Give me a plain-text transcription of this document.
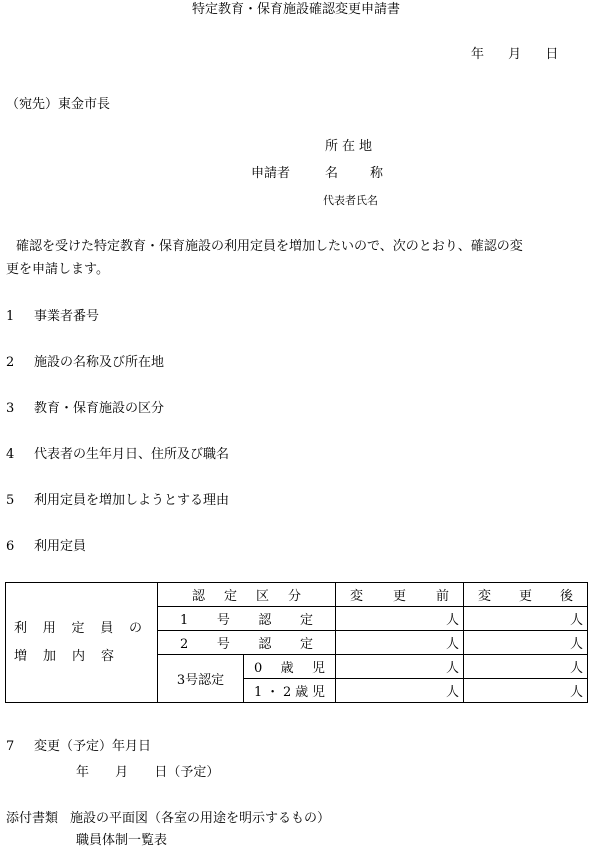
特定教育・保育施設確認変更申請書
年 月 日
（宛先）東金市長
所在地
申請者	名 称
代表者氏名
確認を受けた特定教育・保育施設の利用定員を増加したいので、次のとおり、確認の変
更を申請します。
1 事業者番号
2 施設の名称及び所在地
3 教育・保育施設の区分
4 代表者の生年月日、住所及び職名
5 利用定員を増加しようとする理由
6 利用定員
利用定員の
増加内容	認定区分		変更前	変更後
	1号認定		人	人
	2号認定		人	人
	3号認定	0歳児	人	人
		1・2歳児	人	人
7 変更（予定）年月日
年 月 日（予定）
添付書類 施設の平面図（各室の用途を明示するもの）
職員体制一覧表
